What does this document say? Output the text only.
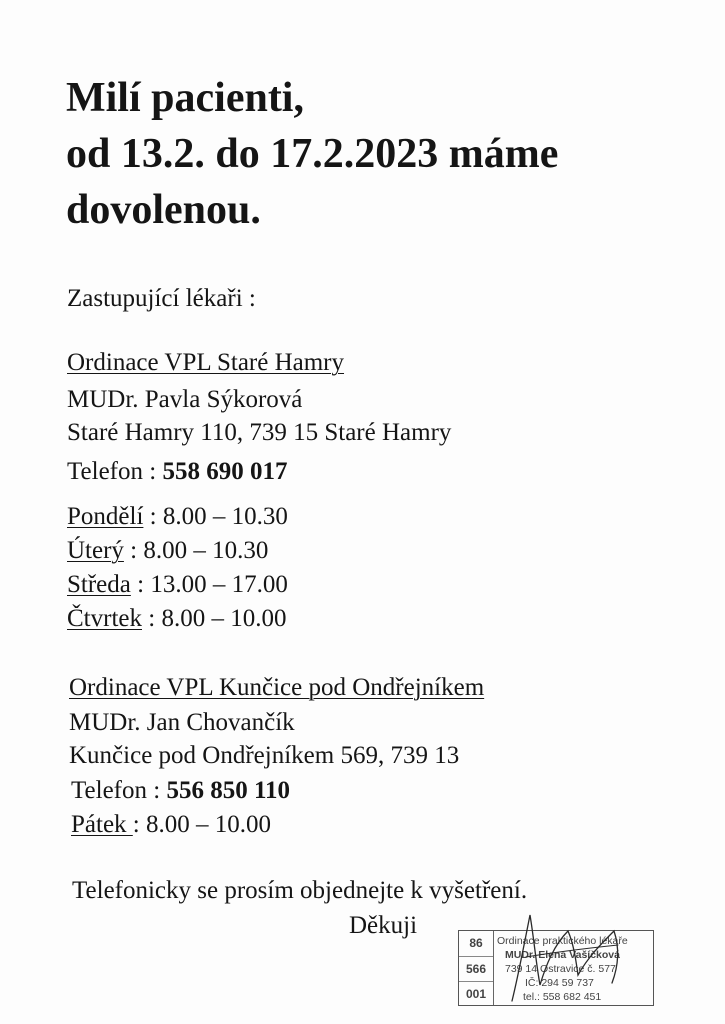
Milí pacienti,
od 13.2. do 17.2.2023 máme
dovolenou.
Zastupující lékaři :
Ordinace VPL Staré Hamry
MUDr. Pavla Sýkorová
Staré Hamry 110, 739 15 Staré Hamry
Telefon : 558 690 017
Pondělí : 8.00 – 10.30
Úterý : 8.00 – 10.30
Středa : 13.00 – 17.00
Čtvrtek : 8.00 – 10.00
Ordinace VPL Kunčice pod Ondřejníkem
MUDr. Jan Chovančík
Kunčice pod Ondřejníkem 569, 739 13
Telefon : 556 850 110
Pátek : 8.00 – 10.00
Telefonicky se prosím objednejte k vyšetření.
Děkuji
86
566
001
Ordinace praktického lékaře
MUDr. Elena Vašíčková
739 14 Ostravice č. 577
IČ: 294 59 737
tel.: 558 682 451
